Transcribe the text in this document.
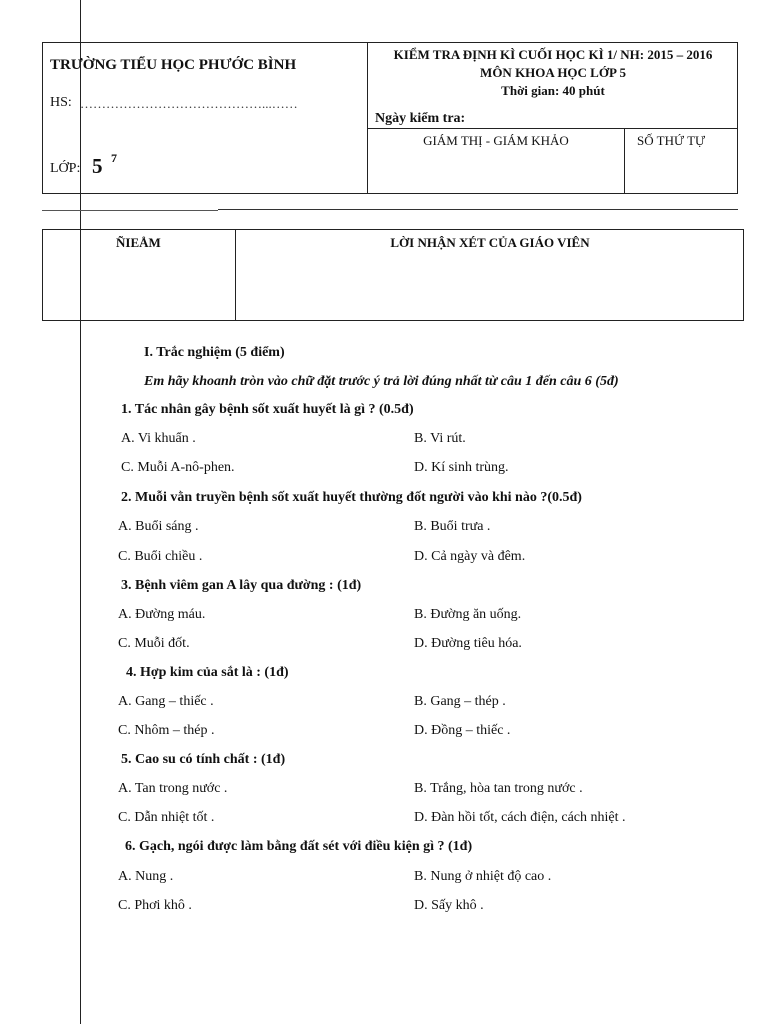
TRƯỜNG TIỂU HỌC PHƯỚC BÌNH
HS: ……………………………………...……
LỚP: 5 7
KIỂM TRA ĐỊNH KÌ CUỐI HỌC KÌ 1/ NH: 2015 – 2016
MÔN KHOA HỌC LỚP 5
Thời gian: 40 phút
Ngày kiểm tra:
GIÁM THỊ - GIÁM KHẢO	SỐ THỨ TỰ
ÑIEÅM	LỜI NHẬN XÉT CỦA GIÁO VIÊN
I. Trắc nghiệm (5 điểm)
Em hãy khoanh tròn vào chữ đặt trước ý trả lời đúng nhất từ câu 1 đến câu 6 (5đ)
1. Tác nhân gây bệnh sốt xuất huyết là gì ? (0.5đ)
A. Vi khuẩn .	B. Vi rút.
C. Muỗi A-nô-phen.	D. Kí sinh trùng.
2. Muỗi vằn truyền bệnh sốt xuất huyết thường đốt người vào khi nào ?(0.5đ)
A. Buổi sáng .	B. Buổi trưa .
C. Buổi chiều .	D. Cả ngày và đêm.
3. Bệnh viêm gan A lây qua đường : (1đ)
A. Đường máu.	B. Đường ăn uống.
C. Muỗi đốt.	D. Đường tiêu hóa.
4. Hợp kim của sắt là : (1đ)
A. Gang – thiếc .	B. Gang – thép .
C. Nhôm – thép .	D. Đồng – thiếc .
5. Cao su có tính chất : (1đ)
A. Tan trong nước .	B. Trắng, hòa tan trong nước .
C. Dẫn nhiệt tốt .	D. Đàn hồi tốt, cách điện, cách nhiệt .
6. Gạch, ngói được làm bằng đất sét với điều kiện gì ? (1đ)
A. Nung .	B. Nung ở nhiệt độ cao .
C. Phơi khô .	D. Sấy khô .
